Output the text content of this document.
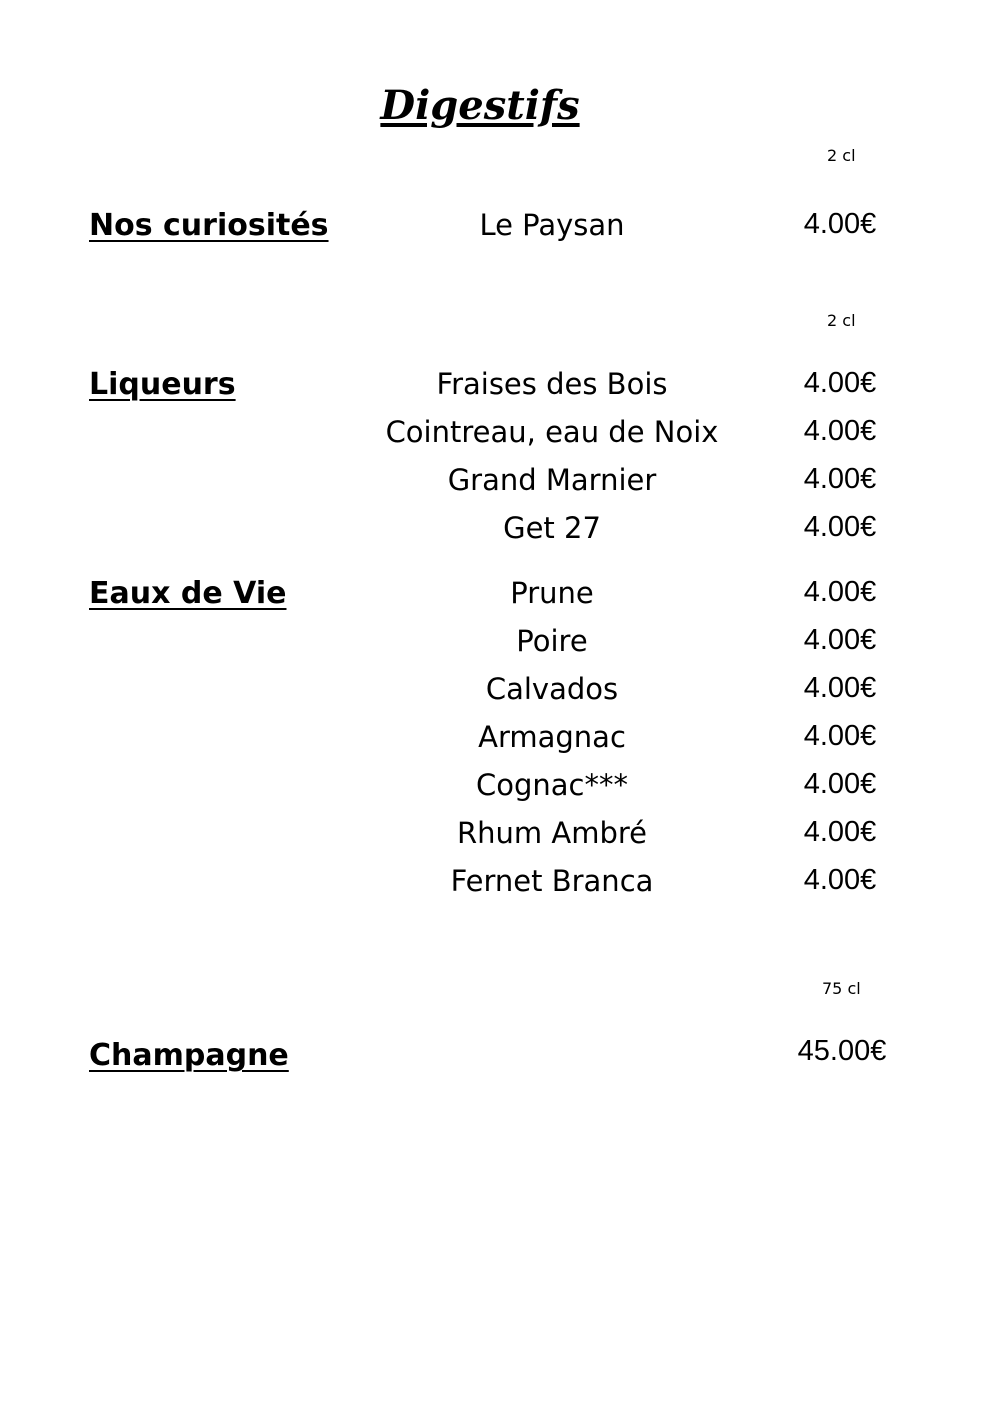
Digestifs
2 cl
Nos curiosités	Le Paysan	4.00€
2 cl
Liqueurs	Fraises des Bois	4.00€
Cointreau, eau de Noix	4.00€
Grand Marnier	4.00€
Get 27	4.00€
Eaux de Vie	Prune	4.00€
Poire	4.00€
Calvados	4.00€
Armagnac	4.00€
Cognac***	4.00€
Rhum Ambré	4.00€
Fernet Branca	4.00€
75 cl
Champagne	45.00€
